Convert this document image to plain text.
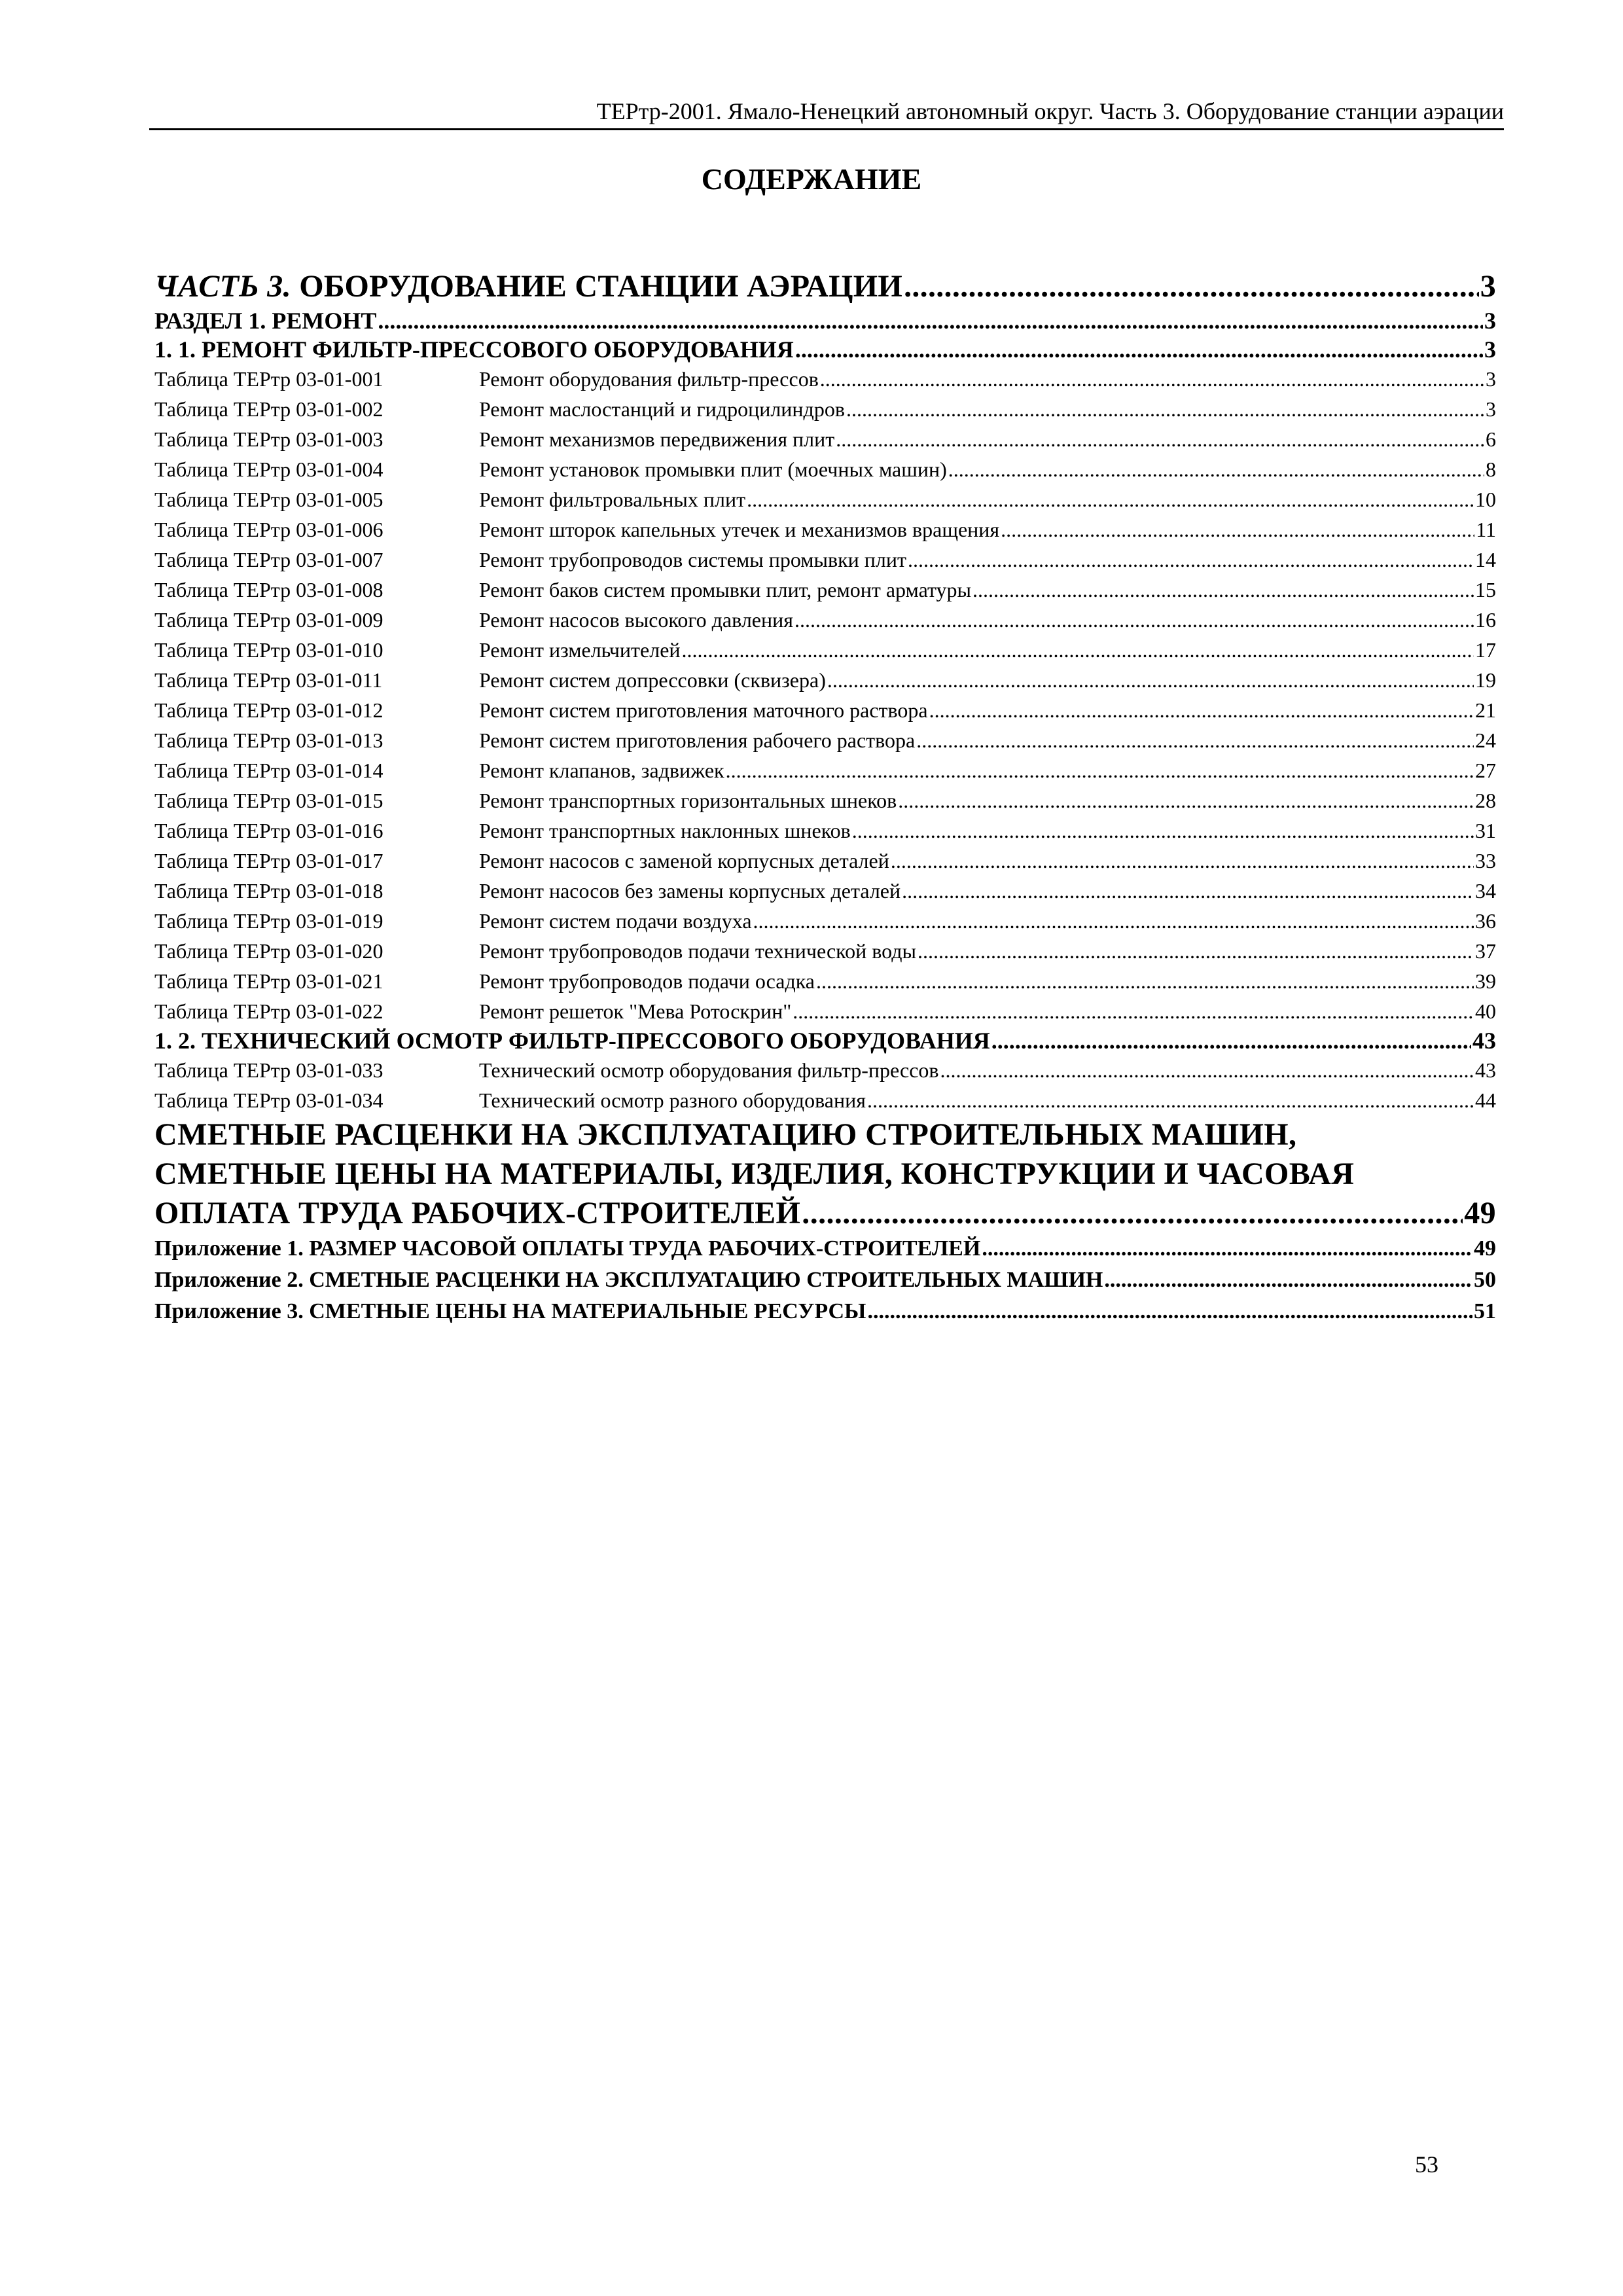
ТЕРтр-2001. Ямало-Ненецкий автономный округ. Часть 3. Оборудование станции аэрации
СОДЕРЖАНИЕ
ЧАСТЬ 3. ОБОРУДОВАНИЕ СТАНЦИИ АЭРАЦИИ .....	3
РАЗДЕЛ 1. РЕМОНТ .....	3
1. 1. РЕМОНТ ФИЛЬТР-ПРЕССОВОГО ОБОРУДОВАНИЯ .....	3
Таблица ТЕРтр 03-01-001	Ремонт оборудования фильтр-прессов .....	3
Таблица ТЕРтр 03-01-002	Ремонт маслостанций и гидроцилиндров .....	3
Таблица ТЕРтр 03-01-003	Ремонт механизмов передвижения плит .....	6
Таблица ТЕРтр 03-01-004	Ремонт установок промывки плит (моечных машин) .....	8
Таблица ТЕРтр 03-01-005	Ремонт фильтровальных плит .....	10
Таблица ТЕРтр 03-01-006	Ремонт шторок капельных утечек и механизмов вращения .....	11
Таблица ТЕРтр 03-01-007	Ремонт трубопроводов системы промывки плит .....	14
Таблица ТЕРтр 03-01-008	Ремонт баков систем промывки плит, ремонт арматуры .....	15
Таблица ТЕРтр 03-01-009	Ремонт насосов высокого давления .....	16
Таблица ТЕРтр 03-01-010	Ремонт измельчителей .....	17
Таблица ТЕРтр 03-01-011	Ремонт систем допрессовки (сквизера) .....	19
Таблица ТЕРтр 03-01-012	Ремонт систем приготовления маточного раствора .....	21
Таблица ТЕРтр 03-01-013	Ремонт систем приготовления рабочего раствора .....	24
Таблица ТЕРтр 03-01-014	Ремонт клапанов, задвижек .....	27
Таблица ТЕРтр 03-01-015	Ремонт транспортных горизонтальных шнеков .....	28
Таблица ТЕРтр 03-01-016	Ремонт транспортных наклонных шнеков .....	31
Таблица ТЕРтр 03-01-017	Ремонт насосов с заменой корпусных деталей .....	33
Таблица ТЕРтр 03-01-018	Ремонт насосов без замены корпусных деталей .....	34
Таблица ТЕРтр 03-01-019	Ремонт систем подачи воздуха .....	36
Таблица ТЕРтр 03-01-020	Ремонт трубопроводов подачи технической воды .....	37
Таблица ТЕРтр 03-01-021	Ремонт трубопроводов подачи осадка .....	39
Таблица ТЕРтр 03-01-022	Ремонт решеток "Мева Ротоскрин" .....	40
1. 2. ТЕХНИЧЕСКИЙ ОСМОТР ФИЛЬТР-ПРЕССОВОГО ОБОРУДОВАНИЯ .....	43
Таблица ТЕРтр 03-01-033	Технический осмотр оборудования фильтр-прессов .....	43
Таблица ТЕРтр 03-01-034	Технический осмотр разного оборудования .....	44
СМЕТНЫЕ РАСЦЕНКИ НА ЭКСПЛУАТАЦИЮ СТРОИТЕЛЬНЫХ МАШИН,
СМЕТНЫЕ ЦЕНЫ НА МАТЕРИАЛЫ, ИЗДЕЛИЯ, КОНСТРУКЦИИ И ЧАСОВАЯ
ОПЛАТА ТРУДА РАБОЧИХ-СТРОИТЕЛЕЙ .....	49
Приложение 1. РАЗМЕР ЧАСОВОЙ ОПЛАТЫ ТРУДА РАБОЧИХ-СТРОИТЕЛЕЙ .....	49
Приложение 2. СМЕТНЫЕ РАСЦЕНКИ НА ЭКСПЛУАТАЦИЮ СТРОИТЕЛЬНЫХ МАШИН .....	50
Приложение 3. СМЕТНЫЕ ЦЕНЫ НА МАТЕРИАЛЬНЫЕ РЕСУРСЫ .....	51
53
